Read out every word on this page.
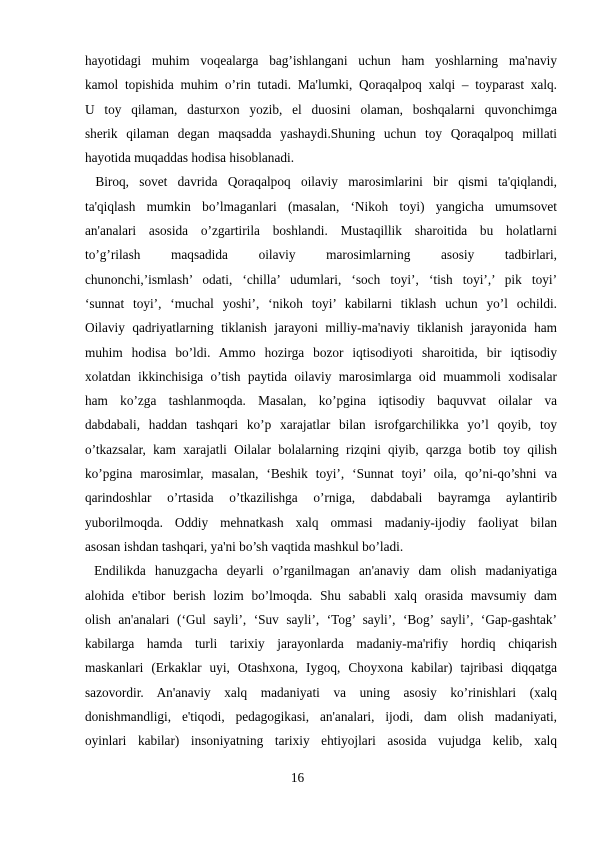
hayotidagi muhim voqealarga bag’ishlangani uchun ham yoshlarning ma'naviy
kamol topishida muhim o’rin tutadi. Ma'lumki, Qoraqalpoq xalqi – toyparast xalq.
U toy qilaman, dasturxon yozib, el duosini olaman, boshqalarni quvonchimga
sherik qilaman degan maqsadda yashaydi.Shuning uchun toy Qoraqalpoq millati
hayotida muqaddas hodisa hisoblanadi.
Biroq, sovet davrida Qoraqalpoq oilaviy marosimlarini bir qismi ta'qiqlandi,
ta'qiqlash mumkin bo’lmaganlari (masalan, ‘Nikoh toyi) yangicha umumsovet
an'analari asosida o’zgartirila boshlandi. Mustaqillik sharoitida bu holatlarni
to’g’rilash maqsadida oilaviy marosimlarning asosiy tadbirlari,
chunonchi,’ismlash’ odati, ‘chilla’ udumlari, ‘soch toyi’, ‘tish toyi’,’ pik toyi’
‘sunnat toyi’, ‘muchal yoshi’, ‘nikoh toyi’ kabilarni tiklash uchun yo’l ochildi.
Oilaviy qadriyatlarning tiklanish jarayoni milliy-ma'naviy tiklanish jarayonida ham
muhim hodisa bo’ldi. Ammo hozirga bozor iqtisodiyoti sharoitida, bir iqtisodiy
xolatdan ikkinchisiga o’tish paytida oilaviy marosimlarga oid muammoli xodisalar
ham ko’zga tashlanmoqda. Masalan, ko’pgina iqtisodiy baquvvat oilalar va
dabdabali, haddan tashqari ko’p xarajatlar bilan isrofgarchilikka yo’l qoyib, toy
o’tkazsalar, kam xarajatli Oilalar bolalarning rizqini qiyib, qarzga botib toy qilish
ko’pgina marosimlar, masalan, ‘Beshik toyi’, ‘Sunnat toyi’ oila, qo’ni-qo’shni va
qarindoshlar o’rtasida o’tkazilishga o’rniga, dabdabali bayramga aylantirib
yuborilmoqda. Oddiy mehnatkash xalq ommasi madaniy-ijodiy faoliyat bilan
asosan ishdan tashqari, ya'ni bo’sh vaqtida mashkul bo’ladi.
Endilikda hanuzgacha deyarli o’rganilmagan an'anaviy dam olish madaniyatiga
alohida e'tibor berish lozim bo’lmoqda. Shu sababli xalq orasida mavsumiy dam
olish an'analari (‘Gul sayli’, ‘Suv sayli’, ‘Tog’ sayli’, ‘Bog’ sayli’, ‘Gap-gashtak’
kabilarga hamda turli tarixiy jarayonlarda madaniy-ma'rifiy hordiq chiqarish
maskanlari (Erkaklar uyi, Otashxona, Iygoq, Choyxona kabilar) tajribasi diqqatga
sazovordir. An'anaviy xalq madaniyati va uning asosiy ko’rinishlari (xalq
donishmandligi, e'tiqodi, pedagogikasi, an'analari, ijodi, dam olish madaniyati,
oyinlari kabilar) insoniyatning tarixiy ehtiyojlari asosida vujudga kelib, xalq
16
